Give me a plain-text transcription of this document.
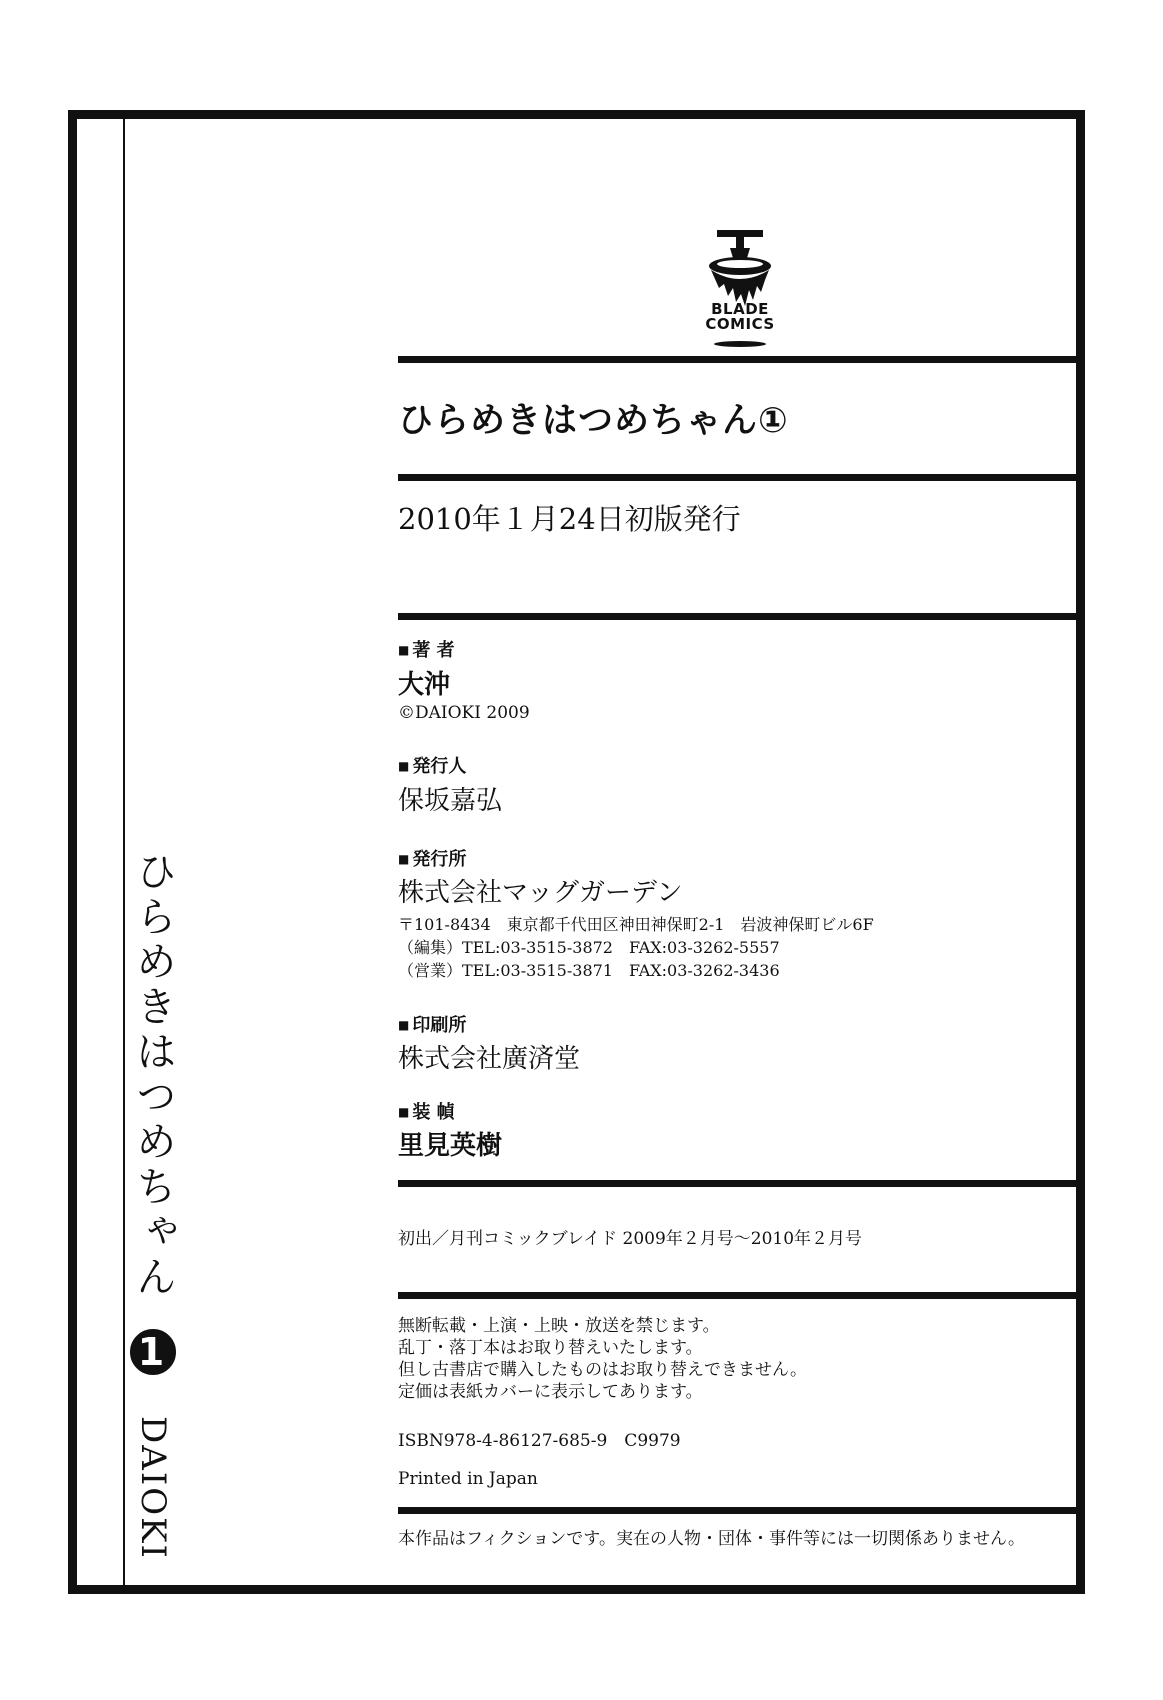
ひらめきはつめちゃん 1 DAIOKI
BLADE
COMICS
ひらめきはつめちゃん①
2010年１月24日初版発行
■ 著 者
大沖
©DAIOKI 2009
■ 発行人
保坂嘉弘
■ 発行所
株式会社マッグガーデン
〒101-8434　東京都千代田区神田神保町2-1　岩波神保町ビル6F
（編集）TEL:03-3515-3872　FAX:03-3262-5557
（営業）TEL:03-3515-3871　FAX:03-3262-3436
■ 印刷所
株式会社廣済堂
■ 装 幀
里見英樹
初出／月刊コミックブレイド 2009年２月号～2010年２月号
無断転載・上演・上映・放送を禁じます。
乱丁・落丁本はお取り替えいたします。
但し古書店で購入したものはお取り替えできません。
定価は表紙カバーに表示してあります。
ISBN978-4-86127-685-9　C9979
Printed in Japan
本作品はフィクションです。実在の人物・団体・事件等には一切関係ありません。
